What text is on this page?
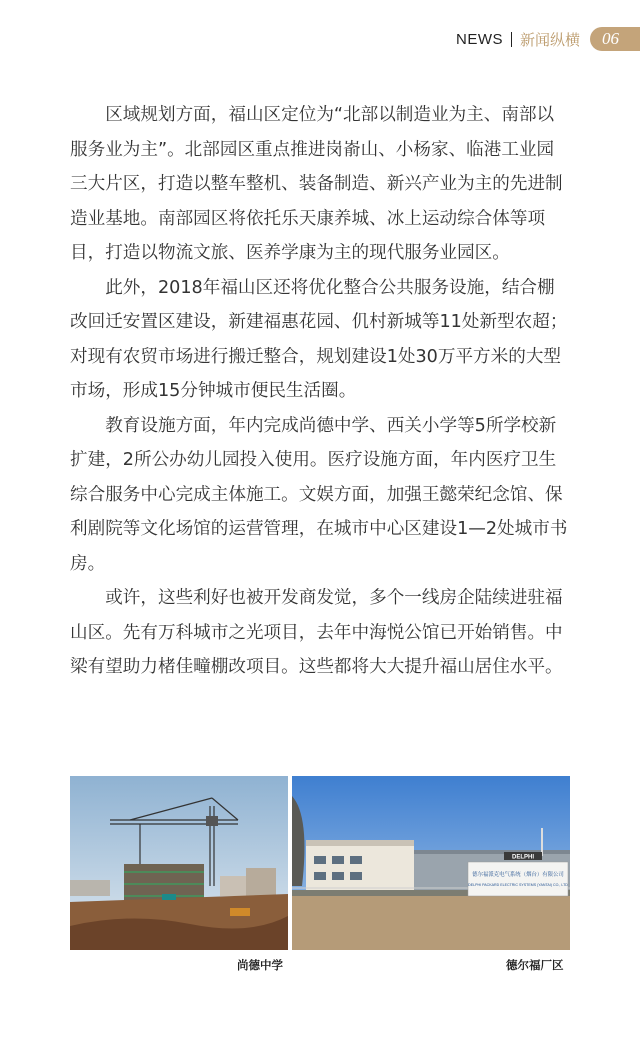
NEWS 新闻纵横 06

区域规划方面，福山区定位为“北部以制造业为主、南部以服务业为主”。北部园区重点推进岗嵛山、小杨家、临港工业园三大片区，打造以整车整机、装备制造、新兴产业为主的先进制造业基地。南部园区将依托乐天康养城、冰上运动综合体等项目，打造以物流文旅、医养学康为主的现代服务业园区。

此外，2018年福山区还将优化整合公共服务设施，结合棚改回迁安置区建设，新建福惠花园、仉村新城等11处新型农超；对现有农贸市场进行搬迁整合，规划建设1处30万平方米的大型市场，形成15分钟城市便民生活圈。

教育设施方面，年内完成尚德中学、西关小学等5所学校新扩建，2所公办幼儿园投入使用。医疗设施方面，年内医疗卫生综合服务中心完成主体施工。文娱方面，加强王懿荣纪念馆、保利剧院等文化场馆的运营管理，在城市中心区建设1—2处城市书房。

或许，这些利好也被开发商发觉，多个一线房企陆续进驻福山区。先有万科城市之光项目，去年中海悦公馆已开始销售。中梁有望助力楮佳疃棚改项目。这些都将大大提升福山居住水平。

DELPHI
德尔福派克电气系统（烟台）有限公司
DELPHI PACKARD ELECTRIC SYSTEMS (YANTAI) CO., LTD
尚德中学	德尔福厂区
